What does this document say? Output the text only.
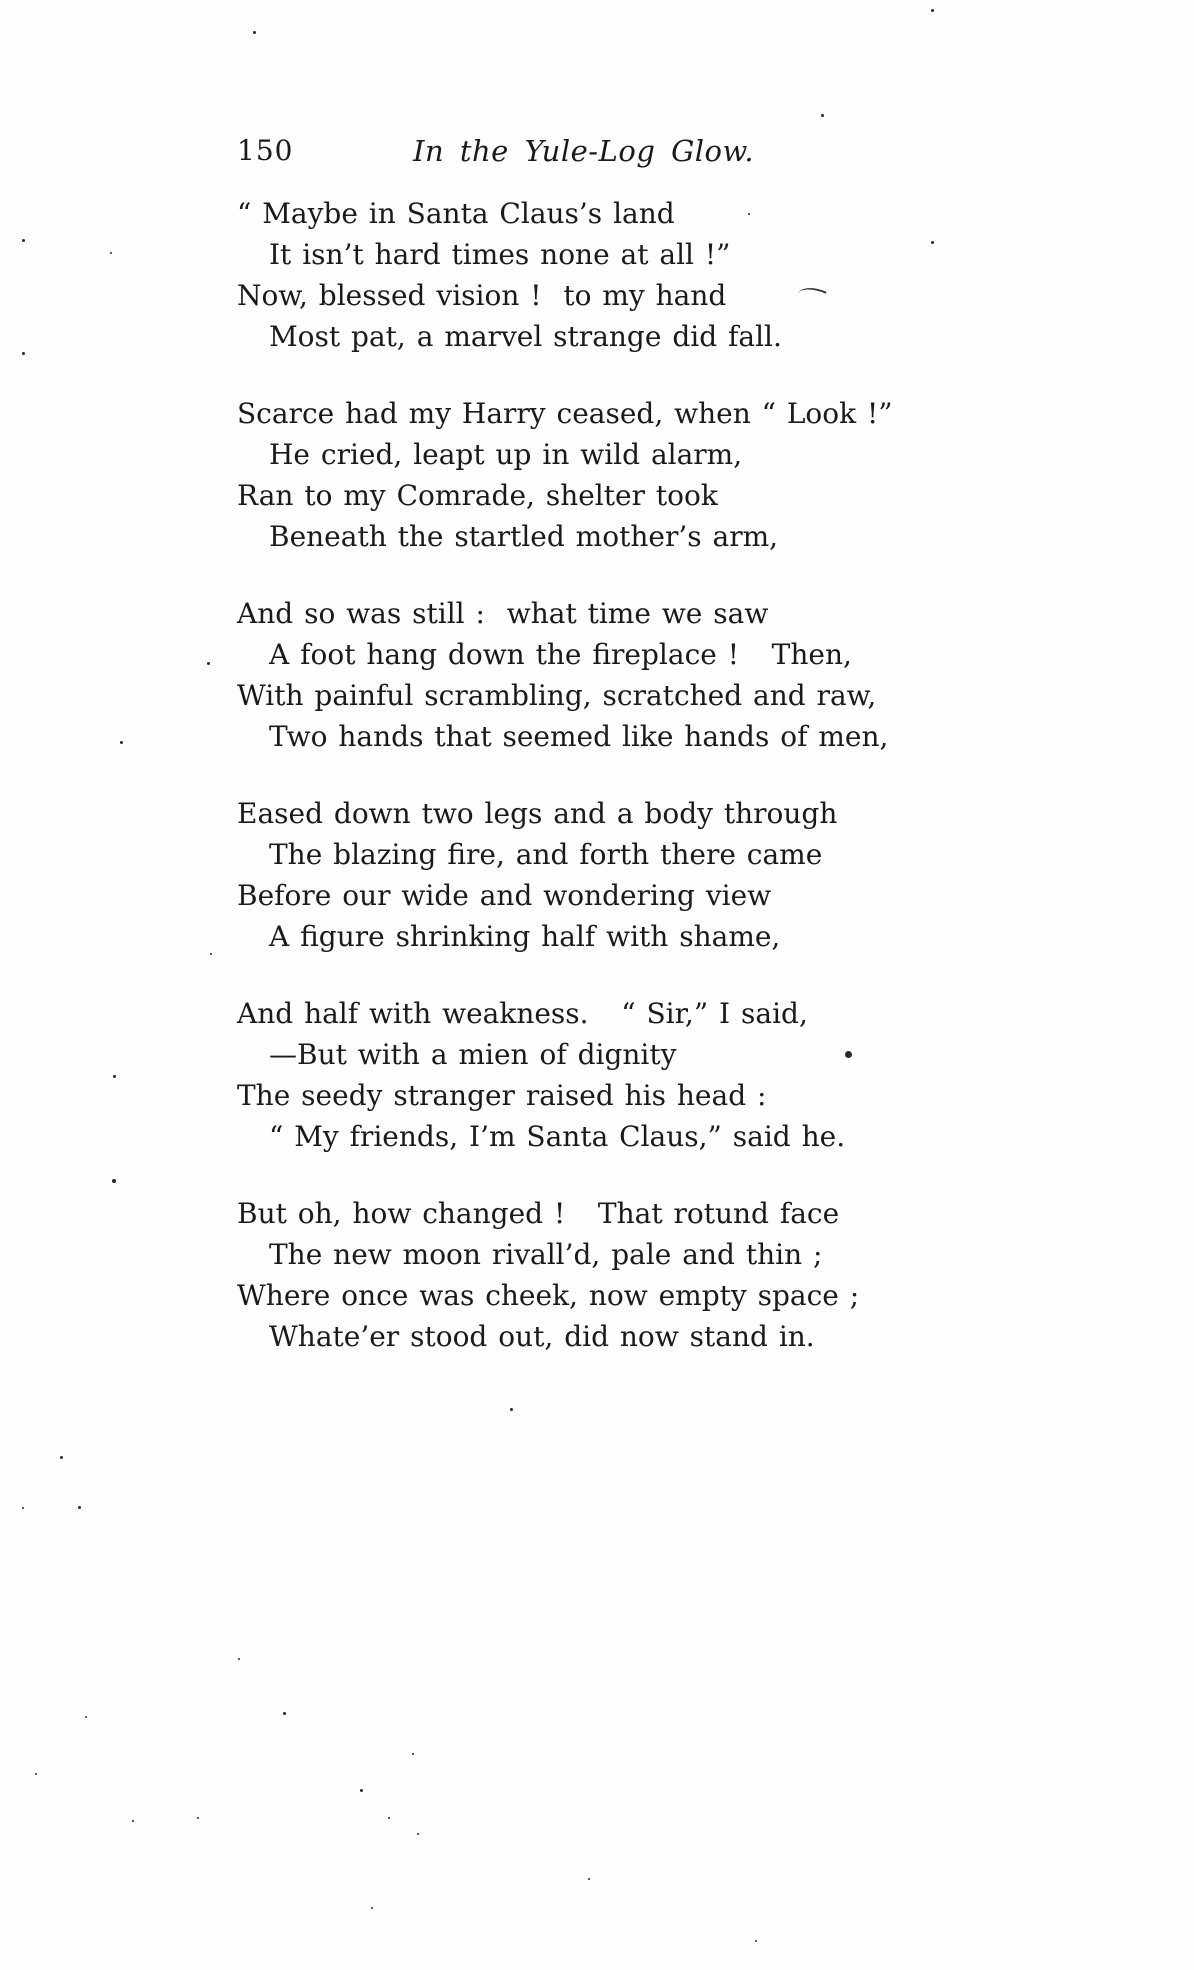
150	In the Yule-Log Glow.
“ Maybe in Santa Claus’s land
It isn’t hard times none at all !”
Now, blessed vision !  to my hand
Most pat, a marvel strange did fall.
Scarce had my Harry ceased, when “ Look !”
He cried, leapt up in wild alarm,
Ran to my Comrade, shelter took
Beneath the startled mother’s arm,
And so was still :  what time we saw
A foot hang down the fireplace !   Then,
With painful scrambling, scratched and raw,
Two hands that seemed like hands of men,
Eased down two legs and a body through
The blazing fire, and forth there came
Before our wide and wondering view
A figure shrinking half with shame,
And half with weakness.   “ Sir,” I said,
—But with a mien of dignity
The seedy stranger raised his head :
“ My friends, I’m Santa Claus,” said he.
But oh, how changed !   That rotund face
The new moon rivall’d, pale and thin ;
Where once was cheek, now empty space ;
Whate’er stood out, did now stand in.
